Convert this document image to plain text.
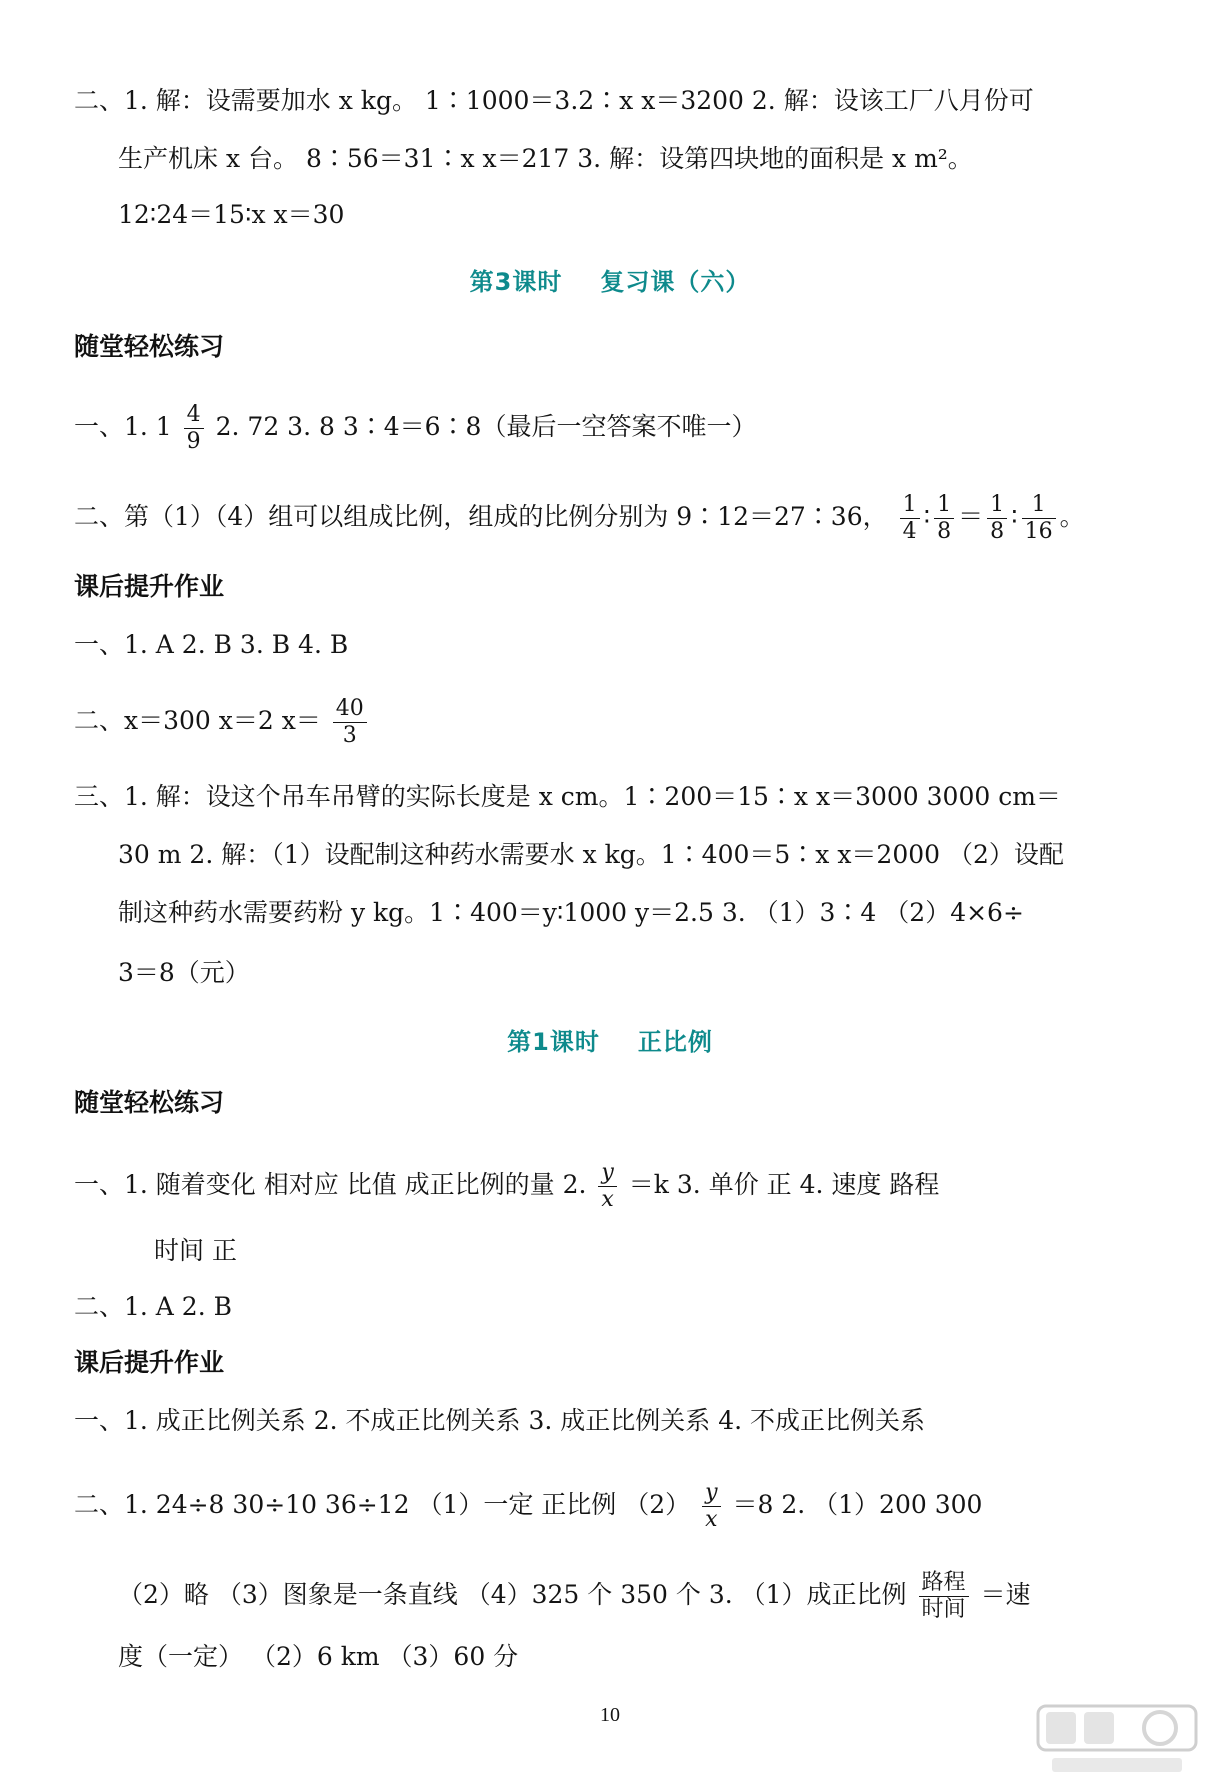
二、1. 解：设需要加水 x kg。 1∶1000＝3.2∶x x＝3200 2. 解：设该工厂八月份可
生产机床 x 台。 8∶56＝31∶x x＝217 3. 解：设第四块地的面积是 x m²。
12∶24＝15∶x x＝30
第3课时 复习课（六）
随堂轻松练习
一、1. $1 \frac{4}{9} 2$. 72 3. 8 3∶4＝6∶8（最后一空答案不唯一）
二、第（1）（4）组可以组成比例，组成的比例分别为 9∶12＝27∶36， $\frac{1}{4}$ ∶ $\frac{1}{8} = \frac{1}{8}$ ∶ $\frac{1}{16}$ 。
课后提升作业
一、1. A 2. B 3. B 4. B
二、x＝300 x＝2 $x= \frac{40}{3}$
三、1. 解：设这个吊车吊臂的实际长度是 x cm。1∶200＝15∶x x＝3000 3000 cm＝
30 m 2. 解：（1）设配制这种药水需要水 x kg。1∶400＝5∶x x＝2000 （2）设配
制这种药水需要药粉 y kg。1∶400＝y∶1000 y＝2.5 3. （1）3∶4 （2）4×6÷
3＝8（元）
第1课时 正比例
随堂轻松练习
一、1. 随着变化 相对应 比值 成正比例的量 2. $\frac{y}{x} =k$ 3. 单价 正 4. 速度 路程
时间 正
二、1. A 2. B
课后提升作业
一、1. 成正比例关系 2. 不成正比例关系 3. 成正比例关系 4. 不成正比例关系
二、1. 24÷8 30÷10 36÷12 （1）一定 正比例 $(2) \frac{y}{x} =8$ 2. （1）200 300
（2）略 （3）图象是一条直线 （4）325 个 350 个 3. （1）成正比例 $\frac{\text{路程}}{\text{时间}}$ ＝速
度（一定） （2）6 km （3）60 分
10
